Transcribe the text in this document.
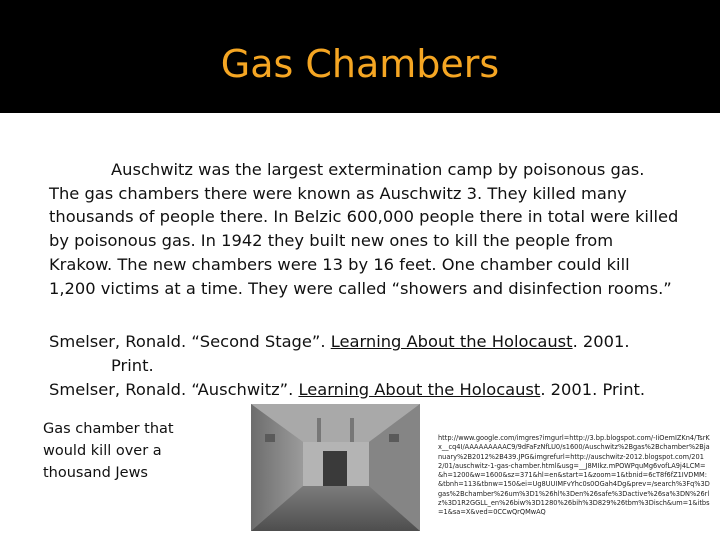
Gas Chambers
Auschwitz was the largest extermination camp by poisonous gas. The gas chambers there were known as Auschwitz 3. They killed many thousands of people there. In Belzic 600,000 people there in total were killed by poisonous gas. In 1942 they built new ones to kill the people from Krakow. The new chambers were 13 by 16 feet. One chamber could kill 1,200 victims at a time. They were called “showers and disinfection rooms.”

Smelser, Ronald. “Second Stage”. Learning About the Holocaust. 2001.
Print.

Smelser, Ronald. “Auschwitz”. Learning About the Holocaust. 2001. Print.

Gas chamber that would kill over a thousand Jews
http://www.google.com/imgres?imgurl=http://3.bp.blogspot.com/-IiOemIZKn4/TsrKx__cq4I/AAAAAAAAAC9/9dFaFzNfLU0/s1600/Auschwitz%2Bgas%2Bchamber%2Bjanuary%2B2012%2B439.JPG&imgrefurl=http://auschwitz-2012.blogspot.com/2012/01/auschwitz-1-gas-chamber.html&usg=__J8MIkz.mPOWPquMg6vofLA9j4LCM=&h=1200&w=1600&sz=371&hl=en&start=1&zoom=1&tbnid=6cT8f6fZ1IVDMM:&tbnh=113&tbnw=150&ei=Ug8UUIMFvYhc0s0OGah4Dg&prev=/search%3Fq%3Dgas%2Bchamber%26um%3D1%26hl%3Den%26safe%3Dactive%26sa%3DN%26rlz%3D1R2GGLL_en%26biw%3D1280%26bih%3D829%26tbm%3Disch&um=1&itbs=1&sa=X&ved=0CCwQrQMwAQ
